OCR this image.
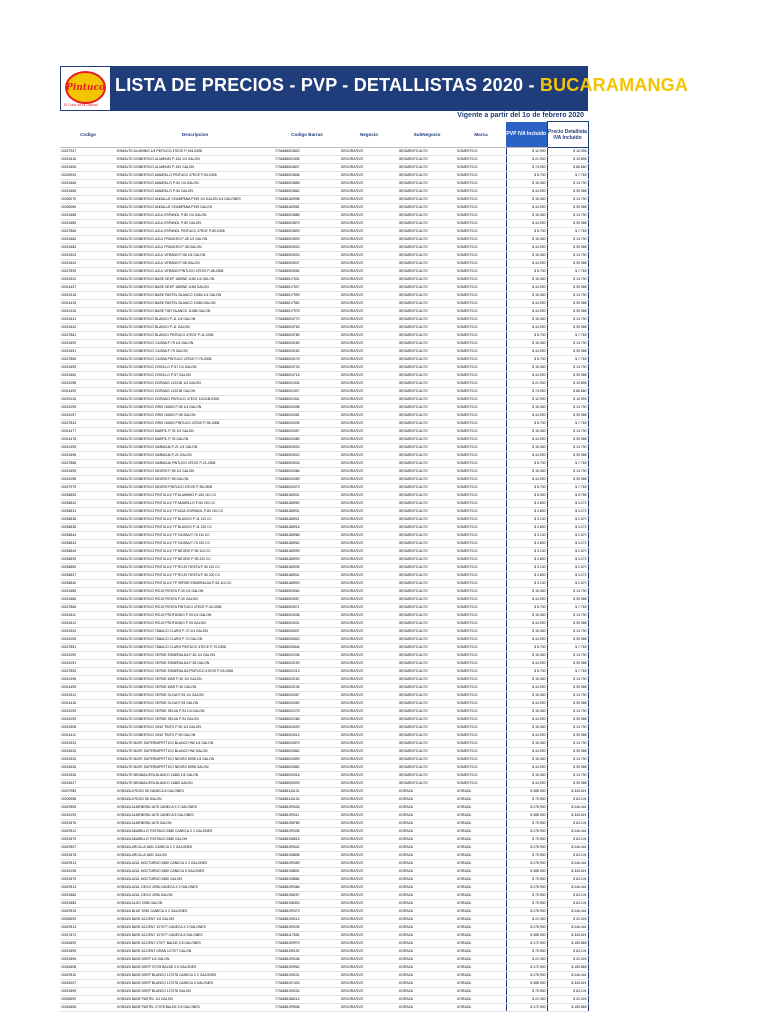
Pintuco
El Color de la Calidad
LISTA DE PRECIOS - PVP - DETALLISTAS 2020 - BUCARAMANGA
Vigente a partir del 1o de febrero 2020
Codigo	Descripcion	Codigo Barras	Negocio	SubNegocio	Marca	PVP IVA Incluido	Precio Detallista IVA Incluido
10227947	ESMALTE ALUMINIO 1/4 PINTUCO 47ECE P-154-0308	7704488003822	DECORATIVO	SEGMENTO ALTO	DOMESTICO	$ 12.900	$ 10.393
10013416	ESMALTE DOMESTICO ALUMINIO P-154 1/4 GALON	7704488001835	DECORATIVO	SEGMENTO ALTO	DOMESTICO	$ 21.900	$ 19.895
10013406	ESMALTE DOMESTICO ALUMINIO P-154 GALON	7704488004807	DECORATIVO	SEGMENTO ALTO	DOMESTICO	$ 74.900	$ 66.660
10226904	ESMALTE DOMESTICO AMARILLO PINTUCO 47ECE P-54-0308	7704488003848	DECORATIVO	SEGMENTO ALTO	DOMESTICO	$ 8.700	$ 7.763
10013466	ESMALTE DOMESTICO AMARILLO P-54 1/4 GALON	7704488003855	DECORATIVO	SEGMENTO ALTO	DOMESTICO	$ 15.300	$ 13.790
10013465	ESMALTE DOMESTICO AMARILLO P-54 GALON	7704488003862	DECORATIVO	SEGMENTO ALTO	DOMESTICO	$ 44.900	$ 39.966
10030070	ESMALTE DOMESTICO ANDALUZ CHAMPANA P199 1/4 GALON 1/4 GALONES	7704488183998	DECORATIVO	SEGMENTO ALTO	DOMESTICO	$ 15.300	$ 13.790
10030069	ESMALTE DOMESTICO ANDALUZ CHAMPANA P199 GALON	7704488183981	DECORATIVO	SEGMENTO ALTO	DOMESTICO	$ 44.900	$ 39.966
10013488	ESMALTE DOMESTICO AZUL ESPANOL P-80 1/4 GALON	7704488003886	DECORATIVO	SEGMENTO ALTO	DOMESTICO	$ 15.300	$ 13.790
10013489	ESMALTE DOMESTICO AZUL ESPANOL P-80 GALON	7704488003879	DECORATIVO	SEGMENTO ALTO	DOMESTICO	$ 44.900	$ 39.966
10227866	ESMALTE DOMESTICO AZUL ESPANOL PINTUCO 47ECE P-80-0308	7704488003893	DECORATIVO	SEGMENTO ALTO	DOMESTICO	$ 8.700	$ 7.763
10013482	ESMALTE DOMESTICO AZUL FRANCES P-35 1/4 GALON	7704488003909	DECORATIVO	SEGMENTO ALTO	DOMESTICO	$ 15.300	$ 13.790
10013483	ESMALTE DOMESTICO AZUL FRANCES P-35 GALON	7704488003923	DECORATIVO	SEGMENTO ALTO	DOMESTICO	$ 44.900	$ 39.966
10012503	ESMALTE DOMESTICO AZUL VERANO P-58 1/4 GALON	7704488003930	DECORATIVO	SEGMENTO ALTO	DOMESTICO	$ 15.300	$ 13.790
10013404	ESMALTE DOMESTICO AZUL VERANO P-58 GALON	7704488003947	DECORATIVO	SEGMENTO ALTO	DOMESTICO	$ 44.900	$ 39.966
10227839	ESMALTE DOMESTICO AZUL VERANO PINTUCO 47ECE P-58-0308	7704488003954	DECORATIVO	SEGMENTO ALTO	DOMESTICO	$ 8.700	$ 7.763
10012522	ESMALTE DOMESTICO BASE DEEP 1850NE 1/4M 1/4 GALON	7704488017531	DECORATIVO	SEGMENTO ALTO	DOMESTICO	$ 15.300	$ 13.790
10014437	ESMALTE DOMESTICO BASE DEEP 1850NE 1/4M GALON	7704488017527	DECORATIVO	SEGMENTO ALTO	DOMESTICO	$ 44.900	$ 39.966
10012918	ESMALTE DOMESTICO BASE PASTEL BLANCO 11084 1/4 GALON	7704488017999	DECORATIVO	SEGMENTO ALTO	DOMESTICO	$ 15.300	$ 13.790
10014419	ESMALTE DOMESTICO BASE PASTEL BLANCO 11084 GALON	7704488017982	DECORATIVO	SEGMENTO ALTO	DOMESTICO	$ 44.900	$ 39.966
10012426	ESMALTE DOMESTICO BASE TINT BLANCO 11085 GALON	7704488017975	DECORATIVO	SEGMENTO ALTO	DOMESTICO	$ 44.900	$ 39.966
10013441	ESMALTE DOMESTICO BLANCO P-11 1/4 GALON	7704488003770	DECORATIVO	SEGMENTO ALTO	DOMESTICO	$ 15.300	$ 13.790
10013442	ESMALTE DOMESTICO BLANCO P-11 GALON	7704488003763	DECORATIVO	SEGMENTO ALTO	DOMESTICO	$ 44.900	$ 39.966
10227861	ESMALTE DOMESTICO BLANCO PINTUCO 47ECE P-11-0308	7704488003780	DECORATIVO	SEGMENTO ALTO	DOMESTICO	$ 8.700	$ 7.763
10013490	ESMALTE DOMESTICO CAOBA P-75 1/4 GALON	7704488003169	DECORATIVO	SEGMENTO ALTO	DOMESTICO	$ 15.300	$ 13.790
10013491	ESMALTE DOMESTICO CAOBA P-75 GALON	7704488003152	DECORATIVO	SEGMENTO ALTO	DOMESTICO	$ 44.900	$ 39.966
10227865	ESMALTE DOMESTICO CAOBA PINTUCO 47ECE P-75-0308	7704488003176	DECORATIVO	SEGMENTO ALTO	DOMESTICO	$ 8.700	$ 7.763
10013459	ESMALTE DOMESTICO CRIOLLO P-57 1/4 GALON	7704488003725	DECORATIVO	SEGMENTO ALTO	DOMESTICO	$ 15.300	$ 13.790
10013460	ESMALTE DOMESTICO CRIOLLO P-57 GALON	7704488003718	DECORATIVO	SEGMENTO ALTO	DOMESTICO	$ 44.900	$ 39.966
10012098	ESMALTE DOMESTICO DORADO 11221B 1/4 GALON	7704488001934	DECORATIVO	SEGMENTO ALTO	DOMESTICO	$ 21.900	$ 19.895
10014409	ESMALTE DOMESTICO DORADO 11221B GALON	7704488001927	DECORATIVO	SEGMENTO ALTO	DOMESTICO	$ 74.900	$ 66.660
10229126	ESMALTE DOMESTICO DORADO PINTUCO 47ECE 11221B-0308	7704488001941	DECORATIVO	SEGMENTO ALTO	DOMESTICO	$ 12.900	$ 10.593
10012095	ESMALTE DOMESTICO GRIS HUMO P-95 1/4 GALON	7704488002098	DECORATIVO	SEGMENTO ALTO	DOMESTICO	$ 15.300	$ 13.790
10014097	ESMALTE DOMESTICO GRIS HUMO P-95 GALON	7704488002081	DECORATIVO	SEGMENTO ALTO	DOMESTICO	$ 44.900	$ 39.966
10227843	ESMALTE DOMESTICO GRIS HUMO PINTUCO 47ECE P-95-0308	7704488002005	DECORATIVO	SEGMENTO ALTO	DOMESTICO	$ 8.700	$ 7.763
10014477	ESMALTE DOMESTICO MARFIL P-78 1/4 GALON	7704488003497	DECORATIVO	SEGMENTO ALTO	DOMESTICO	$ 15.300	$ 13.790
10014478	ESMALTE DOMESTICO MARFIL P-78 GALON	7704488003480	DECORATIVO	SEGMENTO ALTO	DOMESTICO	$ 44.900	$ 39.966
10012495	ESMALTE DOMESTICO NARANJA P-21 1/4 GALON	7704488003930	DECORATIVO	SEGMENTO ALTO	DOMESTICO	$ 15.300	$ 13.790
10013496	ESMALTE DOMESTICO NARANJA P-21 GALON	7704488003922	DECORATIVO	SEGMENTO ALTO	DOMESTICO	$ 44.900	$ 39.966
10227868	ESMALTE DOMESTICO NARANJA PINTUCO 47ECE P-21-0308	7704488003926	DECORATIVO	SEGMENTO ALTO	DOMESTICO	$ 8.700	$ 7.763
10013495	ESMALTE DOMESTICO NEGRO P-95 1/4 GALON	7704488002066	DECORATIVO	SEGMENTO ALTO	DOMESTICO	$ 15.300	$ 13.790
10014098	ESMALTE DOMESTICO NEGRO P-95 GALON	7704488002059	DECORATIVO	SEGMENTO ALTO	DOMESTICO	$ 44.900	$ 39.966
10227979	ESMALTE DOMESTICO NEGRO PINTUCO 47ECE P-95-0308	7704488002073	DECORATIVO	SEGMENTO ALTO	DOMESTICO	$ 8.700	$ 7.763
10254853	ESMALTE DOMESTICO PINTULUX TP ALUMINIO P-154 110 CC	7704488189001	DECORATIVO	SEGMENTO ALTO	DOMESTICO	$ 6.300	$ 5.789
10254842	ESMALTE DOMESTICO PINTULUX TP AMARILLO P-54 220 CC	7704488188950	DECORATIVO	SEGMENTO ALTO	DOMESTICO	$ 4.800	$ 3.272
10254831	ESMALTE DOMESTICO PINTULUX TP AZUL ESPANOL P-80 220 CC	7704488188931	DECORATIVO	SEGMENTO ALTO	DOMESTICO	$ 4.800	$ 3.272
10254838	ESMALTE DOMESTICO PINTULUX TP BLANCO P-11 110 CC	7704488188921	DECORATIVO	SEGMENTO ALTO	DOMESTICO	$ 3.100	$ 2.670
10254835	ESMALTE DOMESTICO PINTULUX TP BLANCO P-11 220 CC	7704488188916	DECORATIVO	SEGMENTO ALTO	DOMESTICO	$ 4.800	$ 3.272
10254844	ESMALTE DOMESTICO PINTULUX TP CAOBA P-75 110 CC	7704488188968	DECORATIVO	SEGMENTO ALTO	DOMESTICO	$ 3.100	$ 2.670
10254843	ESMALTE DOMESTICO PINTULUX TP CAOBA P-75 220 CC	7704488188962	DECORATIVO	SEGMENTO ALTO	DOMESTICO	$ 4.800	$ 3.272
10254849	ESMALTE DOMESTICO PINTULUX TP NEGRO P-95 110 CC	7704488189099	DECORATIVO	SEGMENTO ALTO	DOMESTICO	$ 3.100	$ 2.670
10254839	ESMALTE DOMESTICO PINTULUX TP NEGRO P-95 220 CC	7704488188993	DECORATIVO	SEGMENTO ALTO	DOMESTICO	$ 4.800	$ 3.272
10254850	ESMALTE DOMESTICO PINTULUX TP ROJO FIESTA P-30 110 CC	7704488189005	DECORATIVO	SEGMENTO ALTO	DOMESTICO	$ 3.100	$ 2.670
10254837	ESMALTE DOMESTICO PINTULUX TP ROJO FIESTA P-30 220 CC	7704488188941	DECORATIVO	SEGMENTO ALTO	DOMESTICO	$ 4.800	$ 3.272
10254840	ESMALTE DOMESTICO PINTULUX TP VERDE ESMERALDA P-53 110 CC	7704488188900	DECORATIVO	SEGMENTO ALTO	DOMESTICO	$ 3.100	$ 2.670
10013485	ESMALTE DOMESTICO ROJO FIESTA P-30 1/4 GALON	7704488003964	DECORATIVO	SEGMENTO ALTO	DOMESTICO	$ 15.300	$ 13.790
10013486	ESMALTE DOMESTICO ROJO FIESTA P-30 GALON	7704488003957	DECORATIVO	SEGMENTO ALTO	DOMESTICO	$ 44.900	$ 39.966
10227866	ESMALTE DOMESTICO ROJO FIESTA PINTUCO 47ECE P-30-0308	7704488003971	DECORATIVO	SEGMENTO ALTO	DOMESTICO	$ 8.700	$ 7.763
10012611	ESMALTE DOMESTICO ROJO PROFUNDO P-93 1/4 GALON	7704488004036	DECORATIVO	SEGMENTO ALTO	DOMESTICO	$ 15.300	$ 13.790
10012612	ESMALTE DOMESTICO ROJO PROFUNDO P-93 GALON	7704488004031	DECORATIVO	SEGMENTO ALTO	DOMESTICO	$ 44.900	$ 39.966
10012504	ESMALTE DOMESTICO TABACO CLARO P-70 1/4 GALON	7704488000637	DECORATIVO	SEGMENTO ALTO	DOMESTICO	$ 15.300	$ 13.790
10014005	ESMALTE DOMESTICO TABACO CLARO P-70 GALON	7704488000620	DECORATIVO	SEGMENTO ALTO	DOMESTICO	$ 44.900	$ 39.966
10227851	ESMALTE DOMESTICO TABACO CLARO PINTUCO 47ECE P-70-0308	7704488000644	DECORATIVO	SEGMENTO ALTO	DOMESTICO	$ 8.700	$ 7.763
10012090	ESMALTE DOMESTICO VERDE ESMERALDA P-53 1/4 GALON	7704488002206	DECORATIVO	SEGMENTO ALTO	DOMESTICO	$ 15.300	$ 13.790
10014091	ESMALTE DOMESTICO VERDE ESMERALDA P-53 GALON	7704488002190	DECORATIVO	SEGMENTO ALTO	DOMESTICO	$ 44.900	$ 39.966
10227853	ESMALTE DOMESTICO VERDE ESMERALDA PINTUCO 47ECE P-53-0308	7704488002213	DECORATIVO	SEGMENTO ALTO	DOMESTICO	$ 8.700	$ 7.763
10012496	ESMALTE DOMESTICO VERDE MAR P-40 1/4 GALON	7704488002152	DECORATIVO	SEGMENTO ALTO	DOMESTICO	$ 15.300	$ 13.790
10014495	ESMALTE DOMESTICO VERDE MAR P-40 GALON	7704488002145	DECORATIVO	SEGMENTO ALTO	DOMESTICO	$ 44.900	$ 39.966
10012512	ESMALTE DOMESTICO VERDE OLIVA P-93 1/4 GALON	7704488000067	DECORATIVO	SEGMENTO ALTO	DOMESTICO	$ 15.300	$ 13.790
10014416	ESMALTE DOMESTICO VERDE OLIVA P-93 GALON	7704488000050	DECORATIVO	SEGMENTO ALTO	DOMESTICO	$ 44.900	$ 39.966
10012093	ESMALTE DOMESTICO VERDE SELVA P-94 1/4 GALON	7704488002275	DECORATIVO	SEGMENTO ALTO	DOMESTICO	$ 15.300	$ 13.790
10014093	ESMALTE DOMESTICO VERDE SELVA P-94 GALON	7704488002268	DECORATIVO	SEGMENTO ALTO	DOMESTICO	$ 44.900	$ 39.966
10012508	ESMALTE DOMESTICO VINO TINTO P-90 1/4 GALON	7704488004029	DECORATIVO	SEGMENTO ALTO	DOMESTICO	$ 15.300	$ 13.790
10014411	ESMALTE DOMESTICO VINO TINTO P-90 GALON	7704488004012	DECORATIVO	SEGMENTO ALTO	DOMESTICO	$ 44.900	$ 39.966
10012524	ESMALTE MATE SUPERIMPETTICO BLANCO 9W 1/4 GALON	7704488002879	DECORATIVO	SEGMENTO ALTO	DOMESTICO	$ 15.300	$ 13.790
10014525	ESMALTE MATE SUPERIMPETTICO BLANCO 9W GALON	7704488002862	DECORATIVO	SEGMENTO ALTO	DOMESTICO	$ 44.900	$ 39.966
10012525	ESMALTE MATE SUPERIMPETTICO NEGRO 8998 1/4 GALON	7704488002899	DECORATIVO	SEGMENTO ALTO	DOMESTICO	$ 15.300	$ 13.790
10014526	ESMALTE MATE SUPERIMPETTICO NEGRO 8998 GALON	7704488002882	DECORATIVO	SEGMENTO ALTO	DOMESTICO	$ 44.900	$ 39.966
10012526	ESMALTE MINIMALISTA BLANCO 11883 1/4 GALON	7704488000916	DECORATIVO	SEGMENTO ALTO	DOMESTICO	$ 15.300	$ 13.790
10014527	ESMALTE MINIMALISTA BLANCO 11883 GALON	7704488000909	DECORATIVO	SEGMENTO ALTO	DOMESTICO	$ 44.900	$ 39.966
10207983	KORAZA A ROJO 55 CANECA 5 GALONES	7704488143131	DECORATIVO	KORAZA	KORAZA	$ 388.900	$ 345.621
10206958	KORAZA A ROJO 55 GALON	7704488143124	DECORATIVO	KORAZA	KORAZA	$ 70.900	$ 63.101
10267805	KORAZA ALMENDRA 1678 CANECA X 2 GALONES	7704488199028	DECORATIVO	KORAZA	KORAZA	$ 276.900	$ 246.441
10016193	KORAZA ALMENDRA 1678 CANECA 5 GALONES	7704488199011	DECORATIVO	KORAZA	KORAZA	$ 388.900	$ 345.621
10013576	KORAZA ALMENDRA 1678 GALON	7704488198785	DECORATIVO	KORAZA	KORAZA	$ 70.900	$ 63.101
10267812	KORAZA AMARILLO TOSTADO 2680 CANECA X 2 GALONES	7704488199335	DECORATIVO	KORAZA	KORAZA	$ 276.900	$ 246.441
10013579	KORAZA AMARILLO TOSTADO 2680 GALON	7704488198815	DECORATIVO	KORAZA	KORAZA	$ 70.900	$ 63.101
10267807	KORAZA ARCILLA 1651 CANECA X 2 GALONES	7704488199042	DECORATIVO	KORAZA	KORAZA	$ 276.900	$ 246.441
10013578	KORAZA ARCILLA 1651 GALON	7704488198808	DECORATIVO	KORAZA	KORAZA	$ 70.900	$ 63.101
10267814	KORAZA AZUL NOCTURNO 2680 CANECA X 2 GALONES	7704488199359	DECORATIVO	KORAZA	KORAZA	$ 276.900	$ 246.441
10016198	KORAZA AZUL NOCTURNO 2680 CANECA 5 GALONES	7704488198891	DECORATIVO	KORAZA	KORAZA	$ 388.900	$ 345.621
10013579	KORAZA AZUL NOCTURNO 2680 GALON	7704488198884	DECORATIVO	KORAZA	KORAZA	$ 70.900	$ 63.101
10267813	KORAZA AZUL CIELO 2096 CANECA X 2 GALONES	7704488199366	DECORATIVO	KORAZA	KORAZA	$ 276.900	$ 246.441
10013582	KORAZA AZUL CIELO 2096 GALON	7704488198297	DECORATIVO	KORAZA	KORAZA	$ 70.900	$ 63.101
10013583	KORAZA ALGO 2096 GALON	7704488198303	DECORATIVO	KORAZA	KORAZA	$ 70.900	$ 63.101
10267819	KORAZA BLUE 2096 CANECA X 2 GALONES	7704488199373	DECORATIVO	KORAZA	KORAZA	$ 276.900	$ 246.441
10253593	KORAZA BASE ACCENT 1/4 GALON	7704488199212	DECORATIVO	KORAZA	KORAZA	$ 22.300	$ 20.023
10267813	KORAZA BASE ACCENT 127077 CANECA X 2 GALONES	7704488199205	DECORATIVO	KORAZA	KORAZA	$ 276.900	$ 246.441
10317872	KORAZA BASE ACCENT 127077 CANECA 5 GALONES	7704488117526	DECORATIVO	KORAZA	KORAZA	$ 388.900	$ 345.621
10316609	KORAZA BASE ACCENT 27077 BALDE 2.5 GALONES	7704488199979	DECORATIVO	KORAZA	KORAZA	$ 172.900	$ 153.883
10013595	KORAZA BASE ACCENT GRAN 127077 GALON	7704488199192	DECORATIVO	KORAZA	KORAZA	$ 70.900	$ 63.101
10013596	KORAZA BASE DEEP 1/4 GALON	7704488199248	DECORATIVO	KORAZA	KORAZA	$ 22.300	$ 20.023
10316608	KORAZA BASE DEEP 27078 BALDE 2.5 GALONES	7704488199962	DECORATIVO	KORAZA	KORAZA	$ 172.900	$ 153.883
10267810	KORAZA BASE DEEP BLANCO 127078 CANECA X 2 GALONES	7704488199231	DECORATIVO	KORAZA	KORAZA	$ 276.900	$ 246.441
10016207	KORAZA BASE DEEP BLANCO 127078 CANECA 5 GALONES	7704488197433	DECORATIVO	KORAZA	KORAZA	$ 388.900	$ 345.621
10013599	KORAZA BASE DEEP BLANCO 127078 GALON	7704488199224	DECORATIVO	KORAZA	KORAZA	$ 70.900	$ 63.101
10253590	KORAZA BASE PASTEL 1/4 GALON	7704488188214	DECORATIVO	KORAZA	KORAZA	$ 22.300	$ 20.023
10316606	KORAZA BASE PASTEL 27076 BALDE 2.5 GALONES	7704488199948	DECORATIVO	KORAZA	KORAZA	$ 172.900	$ 153.883
